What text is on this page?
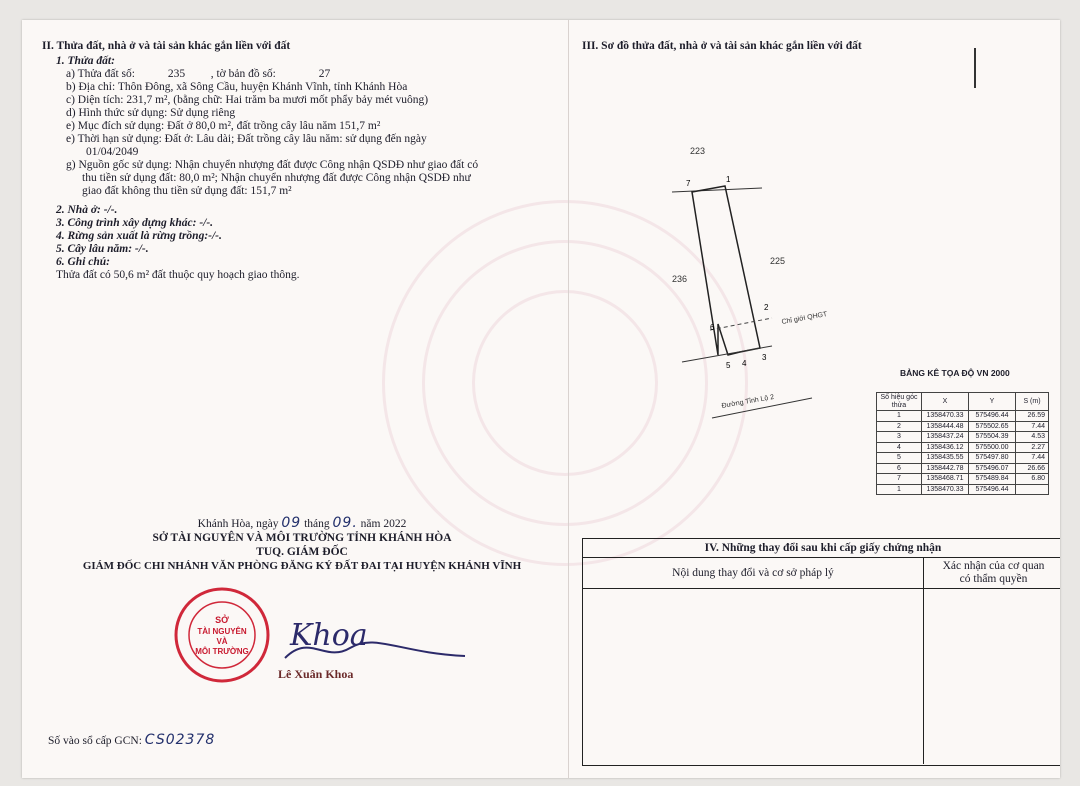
II. Thửa đất, nhà ở và tài sản khác gắn liền với đất
1. Thửa đất:
a) Thửa đất số:	235 , tờ bản đồ số:	27
b) Địa chỉ: Thôn Đông, xã Sông Cầu, huyện Khánh Vĩnh, tỉnh Khánh Hòa
c) Diện tích: 231,7 m², (bằng chữ: Hai trăm ba mươi mốt phẩy bảy mét vuông)
d) Hình thức sử dụng: Sử dụng riêng
e) Mục đích sử dụng: Đất ở 80,0 m², đất trồng cây lâu năm 151,7 m²
e) Thời hạn sử dụng: Đất ở: Lâu dài; Đất trồng cây lâu năm: sử dụng đến ngày
01/04/2049
g) Nguồn gốc sử dụng: Nhận chuyển nhượng đất được Công nhận QSDĐ như giao đất có
thu tiền sử dụng đất: 80,0 m²; Nhận chuyển nhượng đất được Công nhận QSDĐ như
giao đất không thu tiền sử dụng đất: 151,7 m²
2. Nhà ở: -/-.
3. Công trình xây dựng khác: -/-.
4. Rừng sản xuất là rừng trồng:-/-.
5. Cây lâu năm: -/-.
6. Ghi chú:
Thửa đất có 50,6 m² đất thuộc quy hoạch giao thông.
Khánh Hòa, ngày 09 tháng 09. năm 2022
SỞ TÀI NGUYÊN VÀ MÔI TRƯỜNG TỈNH KHÁNH HÒA
TUQ. GIÁM ĐỐC
GIÁM ĐỐC CHI NHÁNH VĂN PHÒNG ĐĂNG KÝ ĐẤT ĐAI TẠI HUYỆN KHÁNH VĨNH
SỞ
TÀI NGUYÊN
VÀ
MÔI TRƯỜNG Khoa
Lê Xuân Khoa
Số vào sổ cấp GCN: CS02378
III. Sơ đồ thửa đất, nhà ở và tài sản khác gắn liền với đất
223
225
236
Chỉ giới QHGT
Đường Tỉnh Lộ 2
1
2
3
4
5
6
7
BẢNG KÊ TỌA ĐỘ VN 2000
Số hiệu góc thửa	X	Y	S (m)
1	1358470.33	575496.44	26.59
2	1358444.48	575502.65	7.44
3	1358437.24	575504.39	4.53
4	1358436.12	575500.00	2.27
5	1358435.55	575497.80	7.44
6	1358442.78	575496.07	26.66
7	1358468.71	575489.84	6.80
1	1358470.33	575496.44	
IV. Những thay đổi sau khi cấp giấy chứng nhận
Nội dung thay đổi và cơ sở pháp lý
Xác nhận của cơ quan
có thẩm quyền
